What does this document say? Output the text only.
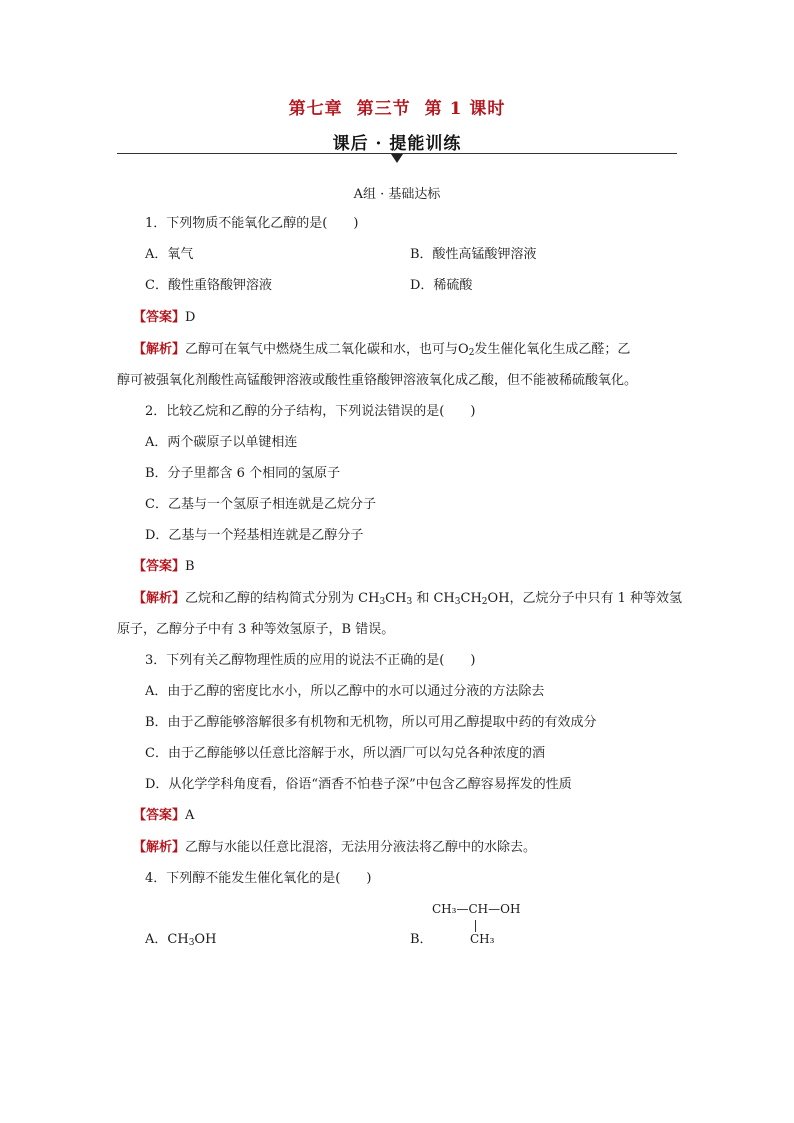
第七章 第三节 第 1 课时
课后 · 提能训练
A组 · 基础达标
1．下列物质不能氧化乙醇的是(　　)
A．氧气	B．酸性高锰酸钾溶液
C．酸性重铬酸钾溶液	D．稀硫酸
【答案】D
【解析】乙醇可在氧气中燃烧生成二氧化碳和水，也可与$O_2$发生催化氧化生成乙醛；乙
醇可被强氧化剂酸性高锰酸钾溶液或酸性重铬酸钾溶液氧化成乙酸，但不能被稀硫酸氧化。
2．比较乙烷和乙醇的分子结构，下列说法错误的是(　　)
A．两个碳原子以单键相连
B．分子里都含 6 个相同的氢原子
C．乙基与一个氢原子相连就是乙烷分子
D．乙基与一个羟基相连就是乙醇分子
【答案】B
【解析】乙烷和乙醇的结构简式分别为 $CH_3CH_3$ 和 $CH_3CH_2OH$，乙烷分子中只有 1 种等效氢
原子，乙醇分子中有 3 种等效氢原子，B 错误。
3．下列有关乙醇物理性质的应用的说法不正确的是(　　)
A．由于乙醇的密度比水小，所以乙醇中的水可以通过分液的方法除去
B．由于乙醇能够溶解很多有机物和无机物，所以可用乙醇提取中药的有效成分
C．由于乙醇能够以任意比溶解于水，所以酒厂可以勾兑各种浓度的酒
D．从化学学科角度看，俗语“酒香不怕巷子深”中包含乙醇容易挥发的性质
【答案】A
【解析】乙醇与水能以任意比混溶，无法用分液法将乙醇中的水除去。
4．下列醇不能发生催化氧化的是(　　)
CH₃—CH—OH
CH₃
A．$CH_3OH$	B．
